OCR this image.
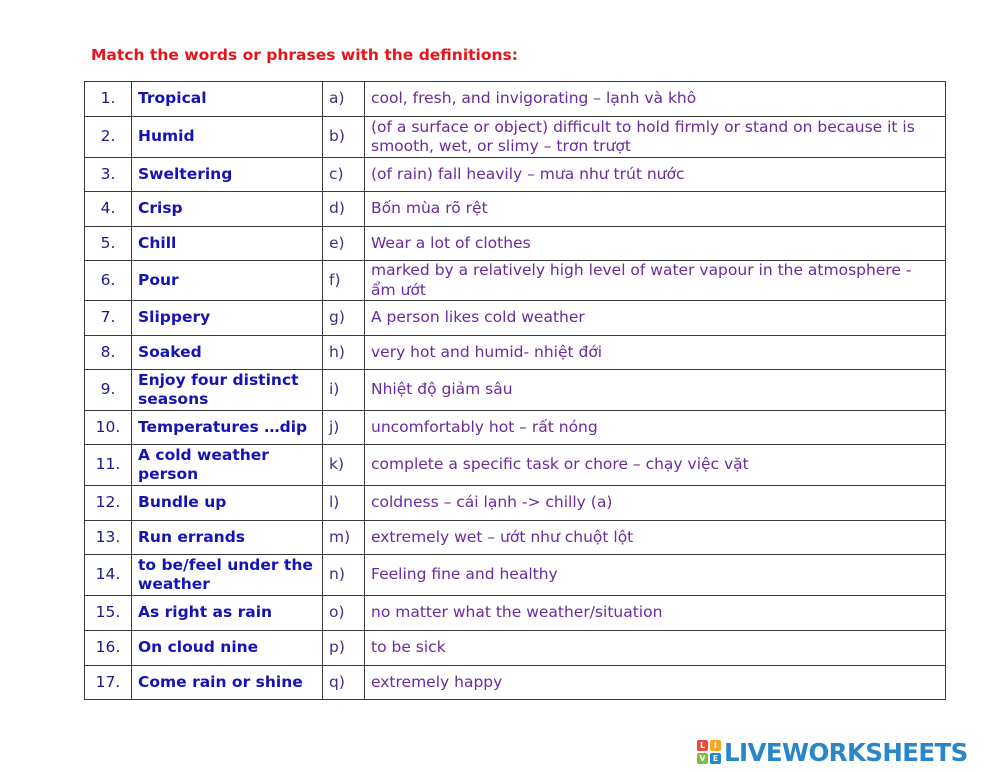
Match the words or phrases with the definitions:
1.	Tropical	a)	cool, fresh, and invigorating – lạnh và khô
2.	Humid	b)	(of a surface or object) difficult to hold firmly or stand on because it is smooth, wet, or slimy – trơn trượt
3.	Sweltering	c)	(of rain) fall heavily – mưa như trút nước
4.	Crisp	d)	Bốn mùa rõ rệt
5.	Chill	e)	Wear a lot of clothes
6.	Pour	f)	marked by a relatively high level of water vapour in the atmosphere - ẩm ướt
7.	Slippery	g)	A person likes cold weather
8.	Soaked	h)	very hot and humid- nhiệt đới
9.	Enjoy four distinct seasons	i)	Nhiệt độ giảm sâu
10.	Temperatures …dip	j)	uncomfortably hot – rất nóng
11.	A cold weather person	k)	complete a specific task or chore – chạy việc vặt
12.	Bundle up	l)	coldness – cái lạnh -> chilly (a)
13.	Run errands	m)	extremely wet – ướt như chuột lột
14.	to be/feel under the weather	n)	Feeling fine and healthy
15.	As right as rain	o)	no matter what the weather/situation
16.	On cloud nine	p)	to be sick
17.	Come rain or shine	q)	extremely happy
L	I
V E LIVEWORKSHEETS
